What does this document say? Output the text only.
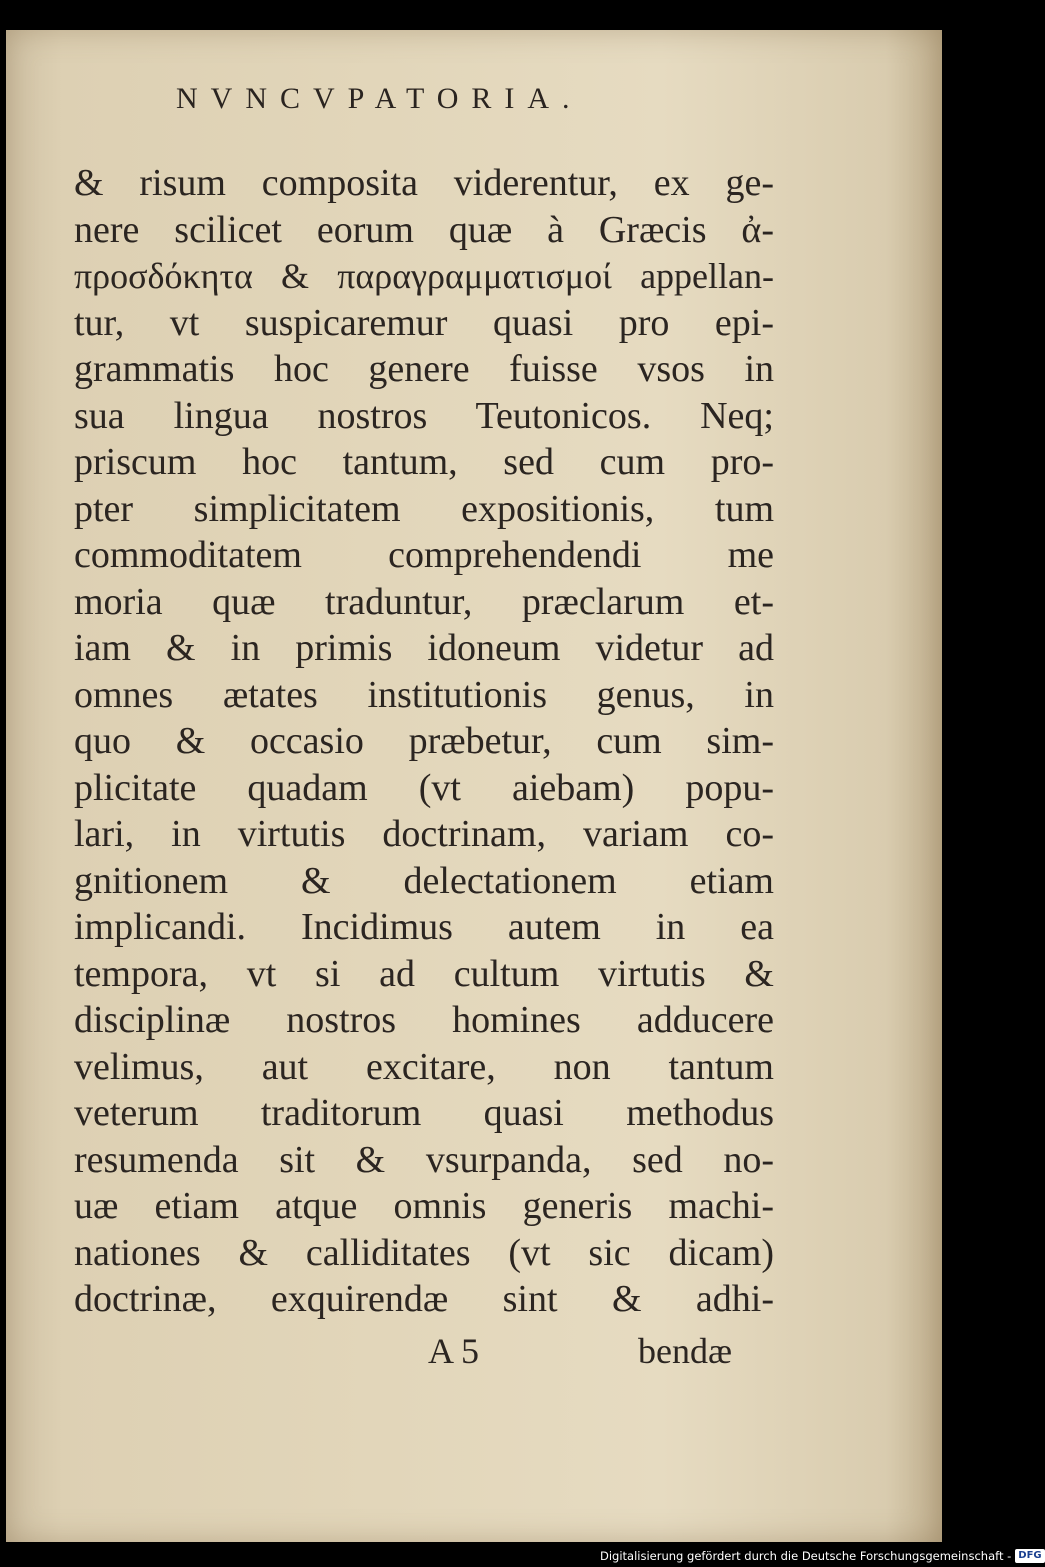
NVNCVPATORIA.
& risum composita viderentur, ex ge-
nere scilicet eorum quæ à Græcis ἀ-
προσδόκητα & παραγραμματισμοί appellan-
tur, vt suspicaremur quasi pro epi-
grammatis hoc genere fuisse vsos in
sua lingua nostros Teutonicos. Neq;
priscum hoc tantum, sed cum pro-
pter simplicitatem expositionis, tum
commoditatem comprehendendi me
moria quæ traduntur, præclarum et-
iam & in primis idoneum videtur ad
omnes ætates institutionis genus, in
quo & occasio præbetur, cum sim-
plicitate quadam (vt aiebam) popu-
lari, in virtutis doctrinam, variam co-
gnitionem & delectationem etiam
implicandi. Incidimus autem in ea
tempora, vt si ad cultum virtutis &
disciplinæ nostros homines adducere
velimus, aut excitare, non tantum
veterum traditorum quasi methodus
resumenda sit & vsurpanda, sed no-
uæ etiam atque omnis generis machi-
nationes & calliditates (vt sic dicam)
doctrinæ, exquirendæ sint & adhi-
A 5	bendæ
Digitalisierung gefördert durch die Deutsche Forschungsgemeinschaft - DFG
